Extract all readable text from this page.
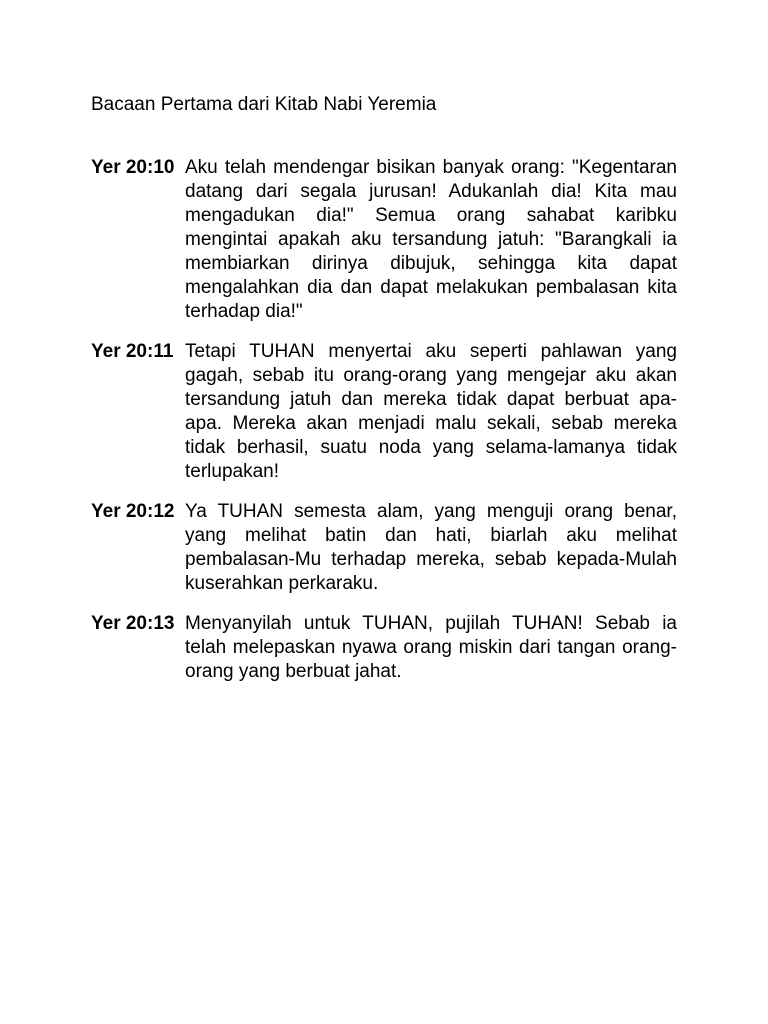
Bacaan Pertama dari Kitab Nabi Yeremia
Yer 20:10 Aku telah mendengar bisikan banyak orang: "Kegentaran datang dari segala jurusan! Adukanlah dia! Kita mau mengadukan dia!" Semua orang sahabat karibku mengintai apakah aku tersandung jatuh: "Barangkali ia membiarkan dirinya dibujuk, sehingga kita dapat mengalahkan dia dan dapat melakukan pembalasan kita terhadap dia!"
Yer 20:11 Tetapi TUHAN menyertai aku seperti pahlawan yang gagah, sebab itu orang-orang yang mengejar aku akan tersandung jatuh dan mereka tidak dapat berbuat apa-apa. Mereka akan menjadi malu sekali, sebab mereka tidak berhasil, suatu noda yang selama-lamanya tidak terlupakan!
Yer 20:12 Ya TUHAN semesta alam, yang menguji orang benar, yang melihat batin dan hati, biarlah aku melihat pembalasan-Mu terhadap mereka, sebab kepada-Mulah kuserahkan perkaraku.
Yer 20:13 Menyanyilah untuk TUHAN, pujilah TUHAN! Sebab ia telah melepaskan nyawa orang miskin dari tangan orang-orang yang berbuat jahat.
